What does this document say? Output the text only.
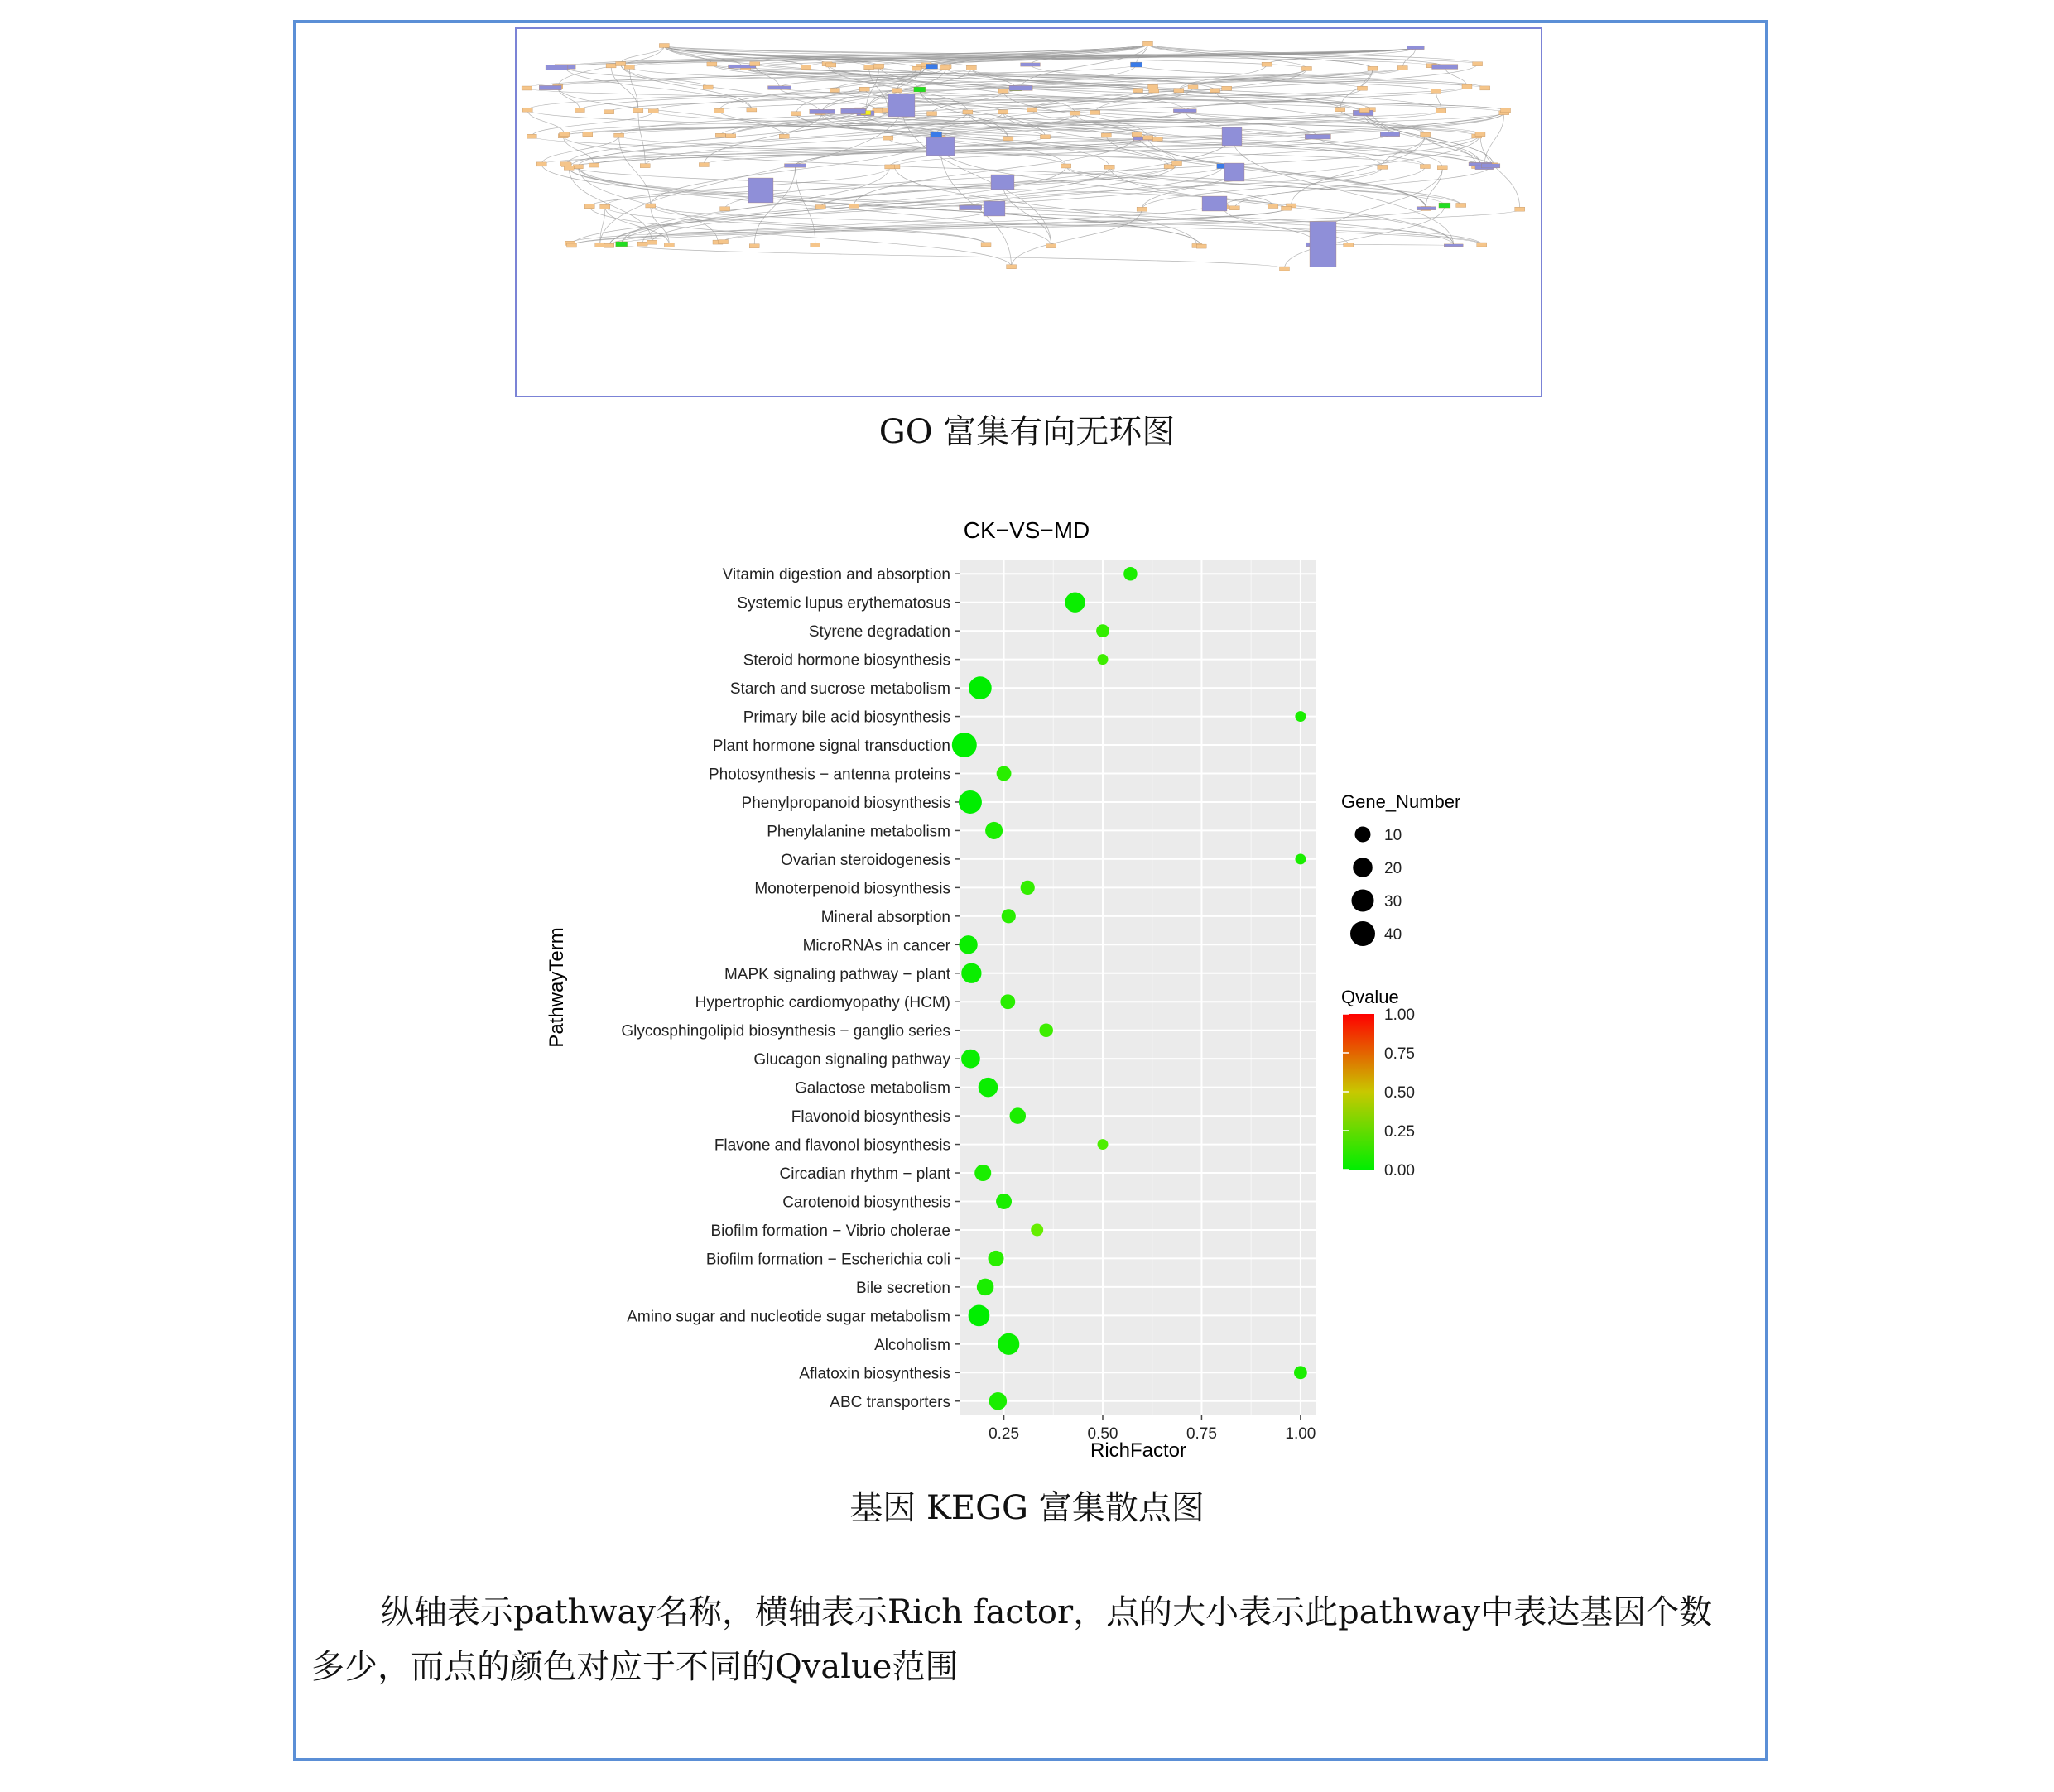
GO 富集有向无环图
CK−VS−MD
Vitamin digestion and absorption
Systemic lupus erythematosus
Styrene degradation
Steroid hormone biosynthesis
Starch and sucrose metabolism
Primary bile acid biosynthesis
Plant hormone signal transduction
Photosynthesis − antenna proteins
Phenylpropanoid biosynthesis
Phenylalanine metabolism
Ovarian steroidogenesis
Monoterpenoid biosynthesis
Mineral absorption
MicroRNAs in cancer
MAPK signaling pathway − plant
Hypertrophic cardiomyopathy (HCM)
Glycosphingolipid biosynthesis − ganglio series
Glucagon signaling pathway
Galactose metabolism
Flavonoid biosynthesis
Flavone and flavonol biosynthesis
Circadian rhythm − plant
Carotenoid biosynthesis
Biofilm formation − Vibrio cholerae
Biofilm formation − Escherichia coli
Bile secretion
Amino sugar and nucleotide sugar metabolism
Alcoholism
Aflatoxin biosynthesis
ABC transporters
0.25	0.50	0.75	1.00
RichFactor
PathwayTerm
Gene_Number
10
20
30
40
Qvalue
1.00
0.75
0.50
0.25
0.00
基因 KEGG 富集散点图
纵轴表示pathway名称，横轴表示Rich factor，点的大小表示此pathway中表达基因个数多少，而点的颜色对应于不同的Qvalue范围
